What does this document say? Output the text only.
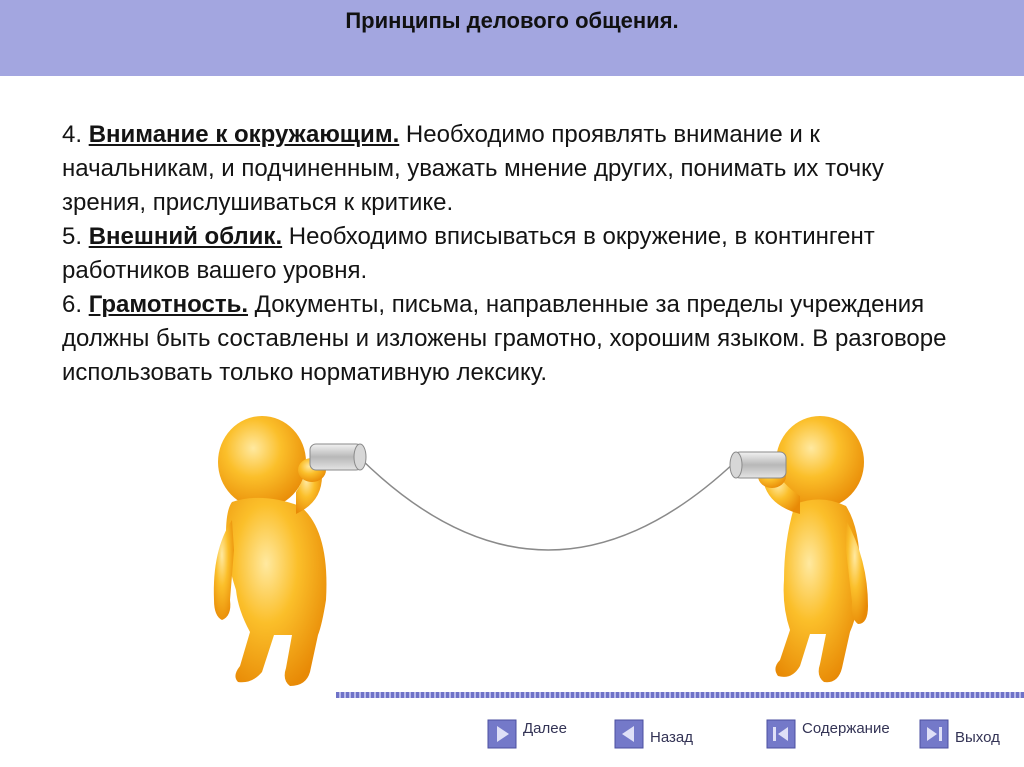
Принципы делового общения.

4. Внимание к окружающим. Необходимо проявлять внимание и к начальникам, и подчиненным, уважать мнение других, понимать их точку зрения, прислушиваться к критике.

5. Внешний облик. Необходимо вписываться в окружение, в контингент работников вашего уровня.

6. Грамотность. Документы, письма, направленные за пределы учреждения должны быть составлены и изложены грамотно, хорошим языком. В разговоре использовать только нормативную лексику.

Далее
Назад
Содержание
Выход
